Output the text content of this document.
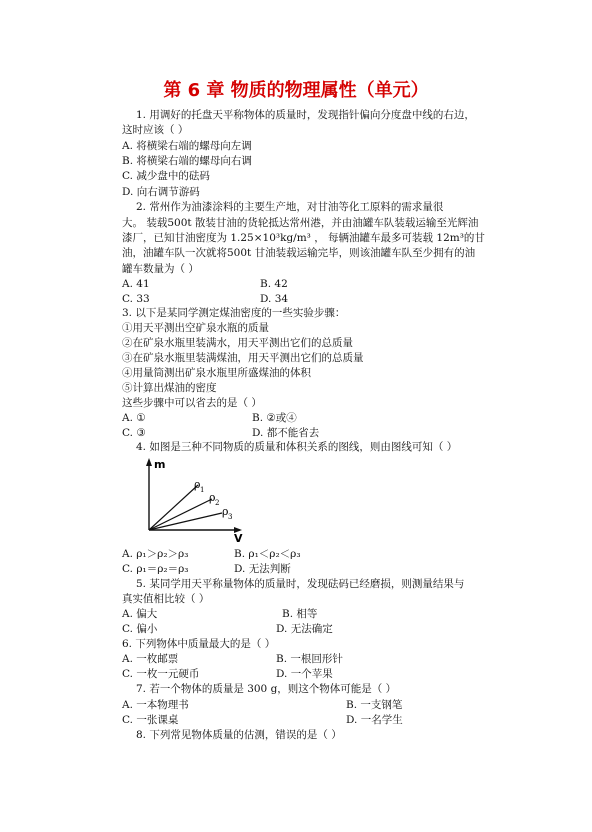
第 6 章 物质的物理属性（单元）
1. 用调好的托盘天平称物体的质量时，发现指针偏向分度盘中线的右边，
这时应该（ ）
A. 将横梁右端的螺母向左调
B. 将横梁右端的螺母向右调
C. 减少盘中的砝码
D. 向右调节游码
2. 常州作为油漆涂料的主要生产地，对甘油等化工原料的需求量很
大。 装载500t 散装甘油的货轮抵达常州港，并由油罐车队装载运输至光辉油
漆厂，已知甘油密度为 1.25×10³kg/m³ ， 每辆油罐车最多可装载 12m³的甘
油，油罐车队一次就将500t 甘油装载运输完毕，则该油罐车队至少拥有的油
罐车数量为（ ）
A. 41	B. 42
C. 33	D. 34
3. 以下是某同学测定煤油密度的一些实验步骤：
①用天平测出空矿泉水瓶的质量
②在矿泉水瓶里装满水，用天平测出它们的总质量
③在矿泉水瓶里装满煤油，用天平测出它们的总质量
④用量筒测出矿泉水瓶里所盛煤油的体积
⑤计算出煤油的密度
这些步骤中可以省去的是（ ）
A. ①	B. ②或④
C. ③	D. 都不能省去
4. 如图是三种不同物质的质量和体积关系的图线，则由图线可知（ ）
m
V
ρ 1
ρ 2
ρ 3
A. ρ₁＞ρ₂＞ρ₃	B. ρ₁＜ρ₂＜ρ₃
C. ρ₁＝ρ₂＝ρ₃	D. 无法判断
5. 某同学用天平称量物体的质量时，发现砝码已经磨损，则测量结果与
真实值相比较（ ）
A. 偏大	B. 相等
C. 偏小	D. 无法确定
6. 下列物体中质量最大的是（ ）
A. 一枚邮票	B. 一根回形针
C. 一枚一元硬币	D. 一个苹果
7. 若一个物体的质量是 300 g，则这个物体可能是（ ）
A. 一本物理书	B. 一支钢笔
C. 一张课桌	D. 一名学生
8. 下列常见物体质量的估测，错误的是（ ）
